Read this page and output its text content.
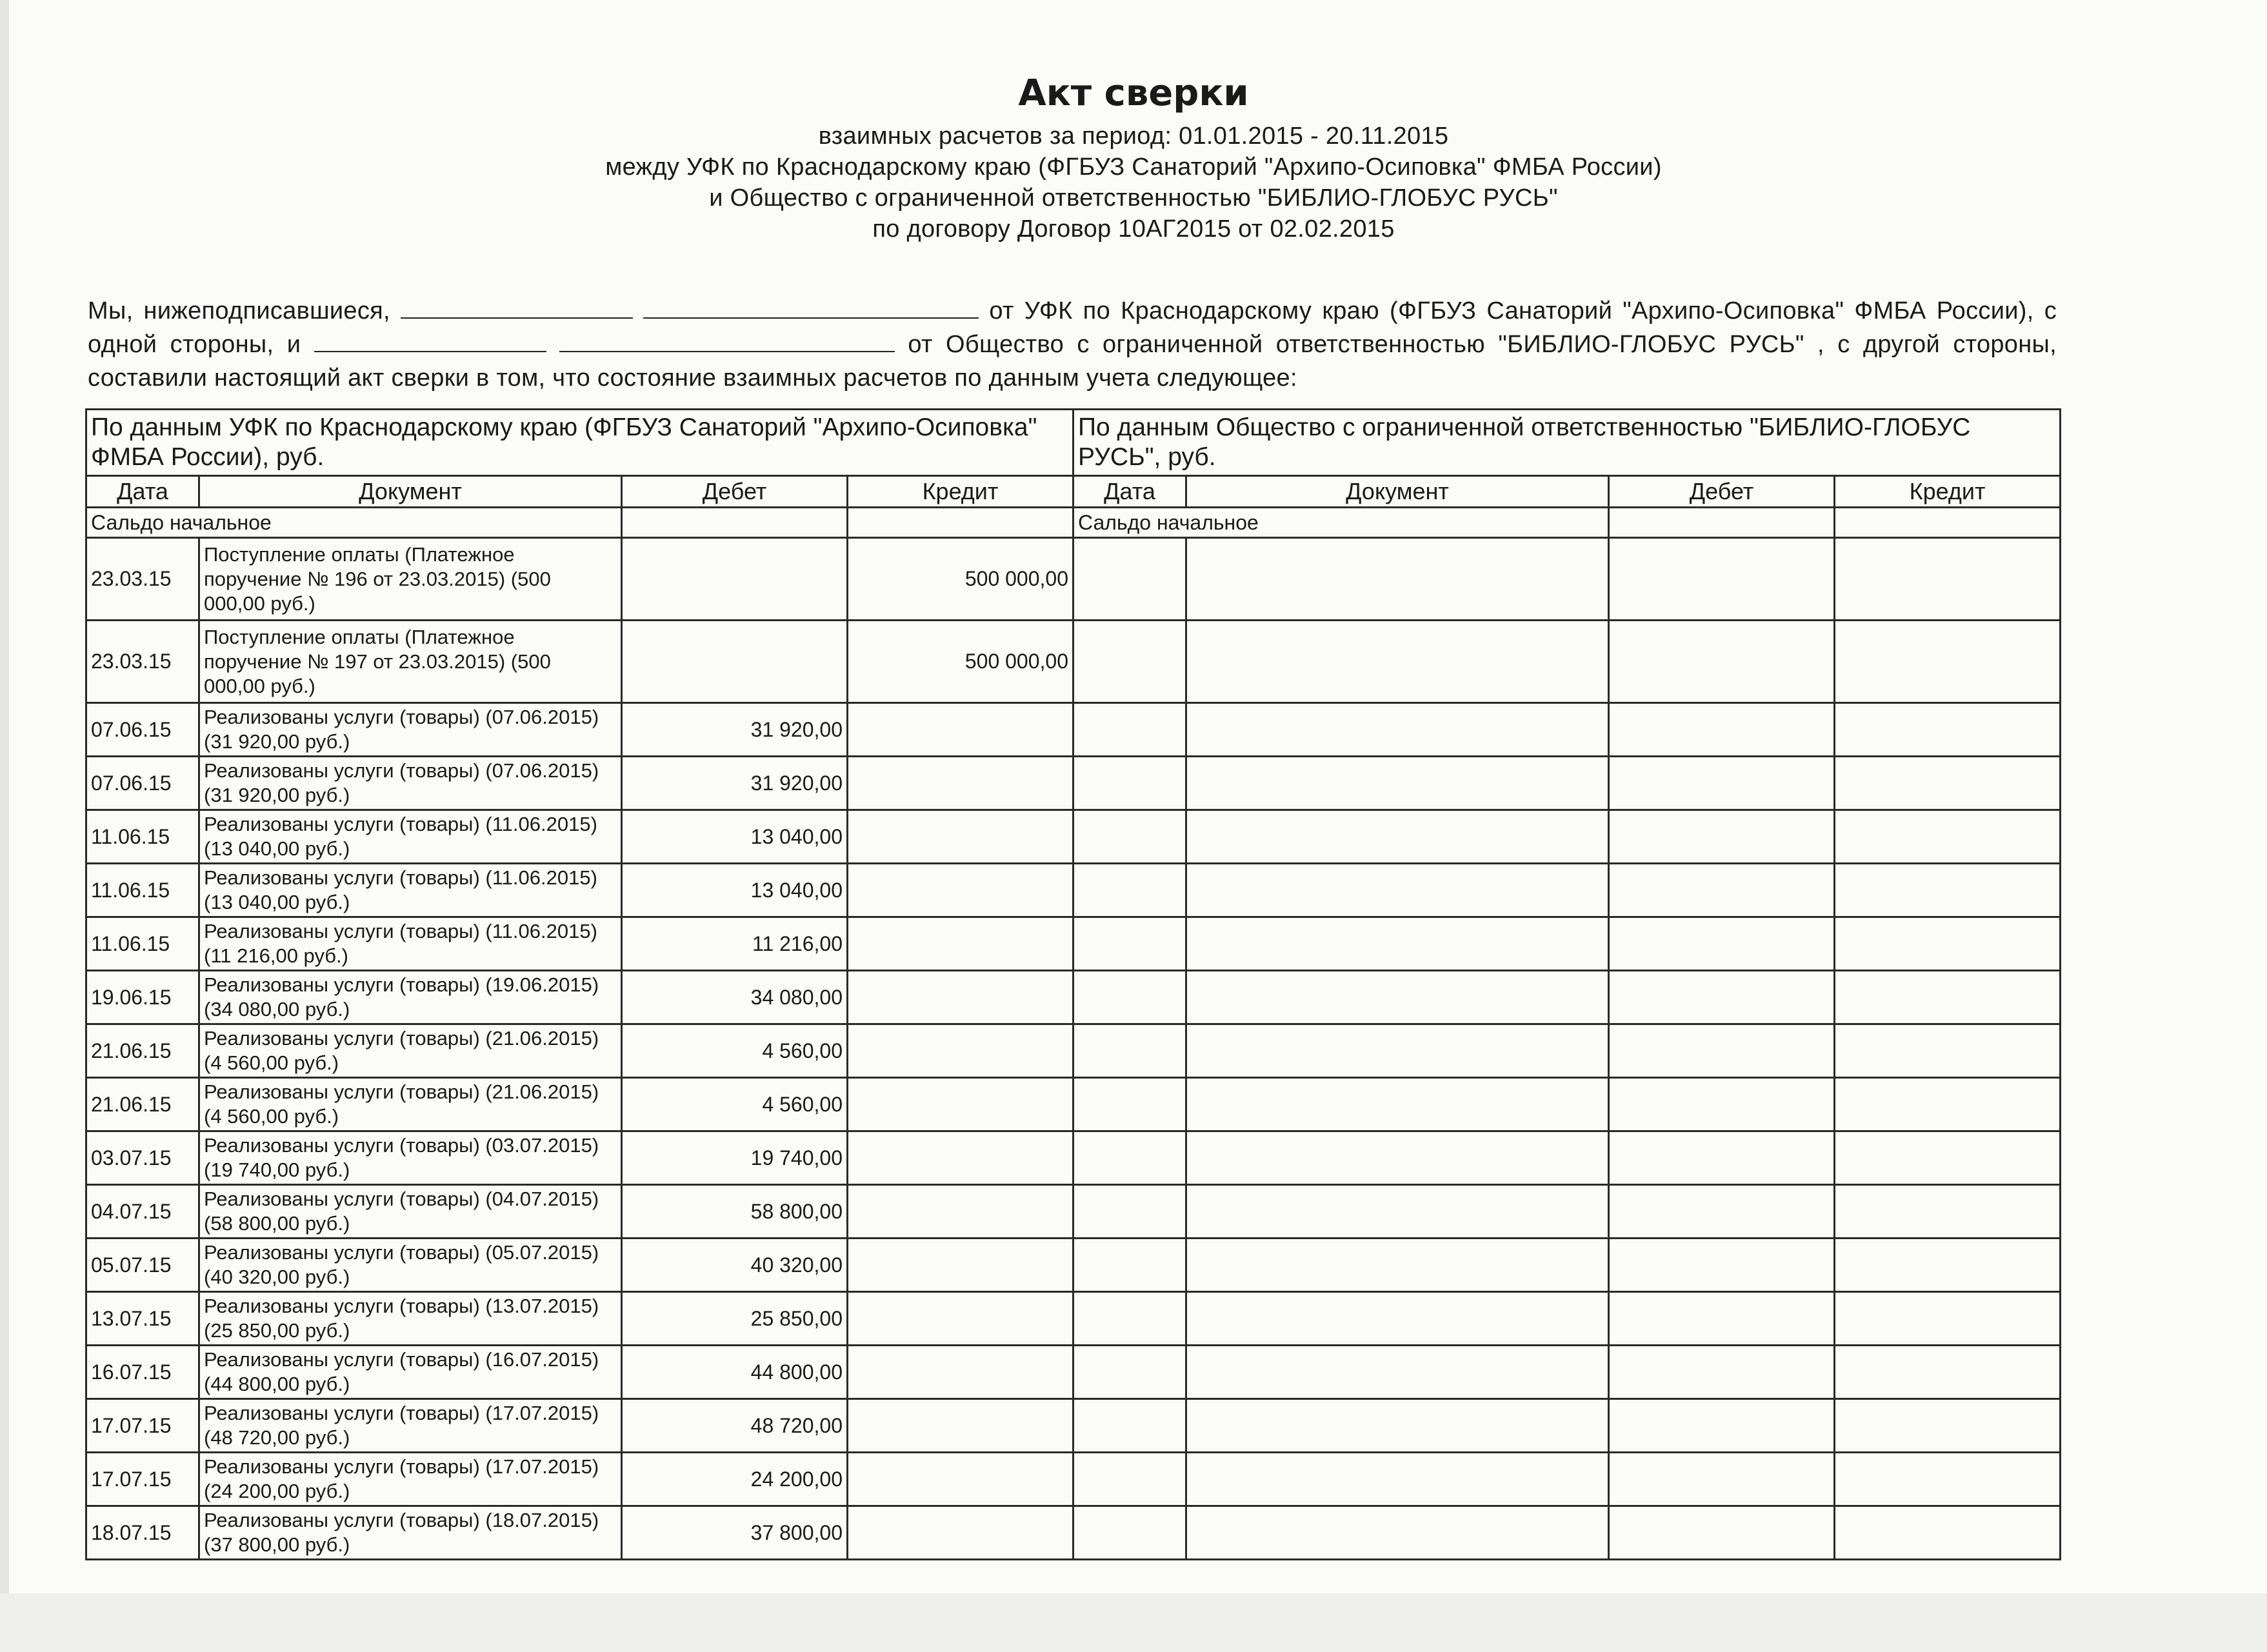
Акт сверки
взаимных расчетов за период: 01.01.2015 - 20.11.2015
между УФК по Краснодарскому краю (ФГБУЗ Санаторий "Архипо-Осиповка" ФМБА России)
и Общество с ограниченной ответственностью "БИБЛИО-ГЛОБУС РУСЬ"
по договору Договор 10АГ2015 от 02.02.2015
Мы, нижеподписавшиеся,	от УФК по Краснодарскому краю (ФГБУЗ Санаторий "Архипо-Осиповка" ФМБА России), с одной стороны, и	от Общество с ограниченной ответственностью "БИБЛИО-ГЛОБУС РУСЬ" , с другой стороны, составили настоящий акт сверки в том, что состояние взаимных расчетов по данным учета следующее:
По данным УФК по Краснодарскому краю (ФГБУЗ Санаторий "Архипо-Осиповка" ФМБА России), руб.				По данным Общество с ограниченной ответственностью "БИБЛИО-ГЛОБУС РУСЬ", руб.			
Дата	Документ	Дебет	Кредит	Дата	Документ	Дебет	Кредит
Сальдо начальное				Сальдо начальное			
23.03.15	Поступление оплаты (Платежное поручение № 196 от 23.03.2015) (500 000,00 руб.)		500 000,00				
23.03.15	Поступление оплаты (Платежное поручение № 197 от 23.03.2015) (500 000,00 руб.)		500 000,00				
07.06.15	Реализованы услуги (товары) (07.06.2015) (31 920,00 руб.)	31 920,00					
07.06.15	Реализованы услуги (товары) (07.06.2015) (31 920,00 руб.)	31 920,00					
11.06.15	Реализованы услуги (товары) (11.06.2015) (13 040,00 руб.)	13 040,00					
11.06.15	Реализованы услуги (товары) (11.06.2015) (13 040,00 руб.)	13 040,00					
11.06.15	Реализованы услуги (товары) (11.06.2015) (11 216,00 руб.)	11 216,00					
19.06.15	Реализованы услуги (товары) (19.06.2015) (34 080,00 руб.)	34 080,00					
21.06.15	Реализованы услуги (товары) (21.06.2015) (4 560,00 руб.)	4 560,00					
21.06.15	Реализованы услуги (товары) (21.06.2015) (4 560,00 руб.)	4 560,00					
03.07.15	Реализованы услуги (товары) (03.07.2015) (19 740,00 руб.)	19 740,00					
04.07.15	Реализованы услуги (товары) (04.07.2015) (58 800,00 руб.)	58 800,00					
05.07.15	Реализованы услуги (товары) (05.07.2015) (40 320,00 руб.)	40 320,00					
13.07.15	Реализованы услуги (товары) (13.07.2015) (25 850,00 руб.)	25 850,00					
16.07.15	Реализованы услуги (товары) (16.07.2015) (44 800,00 руб.)	44 800,00					
17.07.15	Реализованы услуги (товары) (17.07.2015) (48 720,00 руб.)	48 720,00					
17.07.15	Реализованы услуги (товары) (17.07.2015) (24 200,00 руб.)	24 200,00					
18.07.15	Реализованы услуги (товары) (18.07.2015) (37 800,00 руб.)	37 800,00					
